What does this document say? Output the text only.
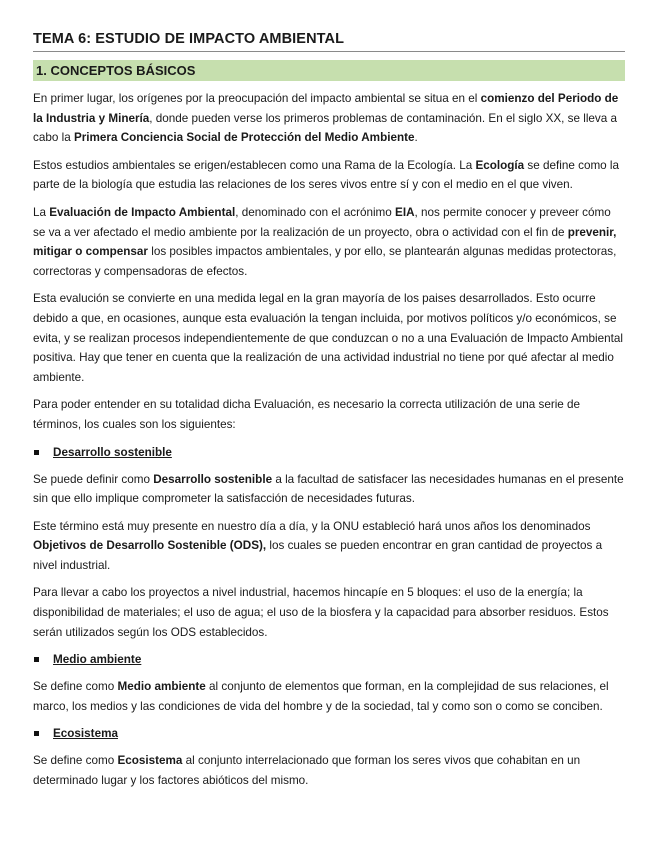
TEMA 6: ESTUDIO DE IMPACTO AMBIENTAL
1. CONCEPTOS BÁSICOS

En primer lugar, los orígenes por la preocupación del impacto ambiental se situa en el comienzo del Periodo de la Industria y Minería, donde pueden verse los primeros problemas de contaminación. En el siglo XX, se lleva a cabo la Primera Conciencia Social de Protección del Medio Ambiente.

Estos estudios ambientales se erigen/establecen como una Rama de la Ecología. La Ecología se define como la parte de la biología que estudia las relaciones de los seres vivos entre sí y con el medio en el que viven.

La Evaluación de Impacto Ambiental, denominado con el acrónimo EIA, nos permite conocer y preveer cómo se va a ver afectado el medio ambiente por la realización de un proyecto, obra o actividad con el fin de prevenir, mitigar o compensar los posibles impactos ambientales, y por ello, se plantearán algunas medidas protectoras, correctoras y compensadoras de efectos.

Esta evalución se convierte en una medida legal en la gran mayoría de los paises desarrollados. Esto ocurre debido a que, en ocasiones, aunque esta evaluación la tengan incluida, por motivos políticos y/o económicos, se evita, y se realizan procesos independientemente de que conduzcan o no a una Evaluación de Impacto Ambiental positiva. Hay que tener en cuenta que la realización de una actividad industrial no tiene por qué afectar al medio ambiente.

Para poder entender en su totalidad dicha Evaluación, es necesario la correcta utilización de una serie de términos, los cuales son los siguientes:

Desarrollo sostenible

Se puede definir como Desarrollo sostenible a la facultad de satisfacer las necesidades humanas en el presente sin que ello implique comprometer la satisfacción de necesidades futuras.

Este término está muy presente en nuestro día a día, y la ONU estableció hará unos años los denominados Objetivos de Desarrollo Sostenible (ODS), los cuales se pueden encontrar en gran cantidad de proyectos a nivel industrial.

Para llevar a cabo los proyectos a nivel industrial, hacemos hincapíe en 5 bloques: el uso de la energía; la disponibilidad de materiales; el uso de agua; el uso de la biosfera y la capacidad para absorber residuos. Estos serán utilizados según los ODS establecidos.

Medio ambiente

Se define como Medio ambiente al conjunto de elementos que forman, en la complejidad de sus relaciones, el marco, los medios y las condiciones de vida del hombre y de la sociedad, tal y como son o como se conciben.

Ecosistema

Se define como Ecosistema al conjunto interrelacionado que forman los seres vivos que cohabitan en un determinado lugar y los factores abióticos del mismo.
